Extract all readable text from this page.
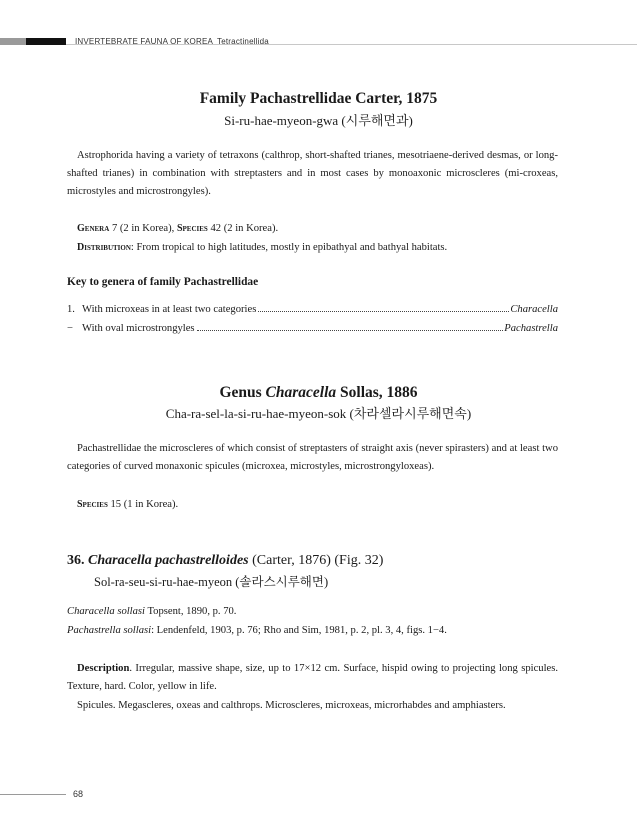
INVERTEBRATE FAUNA OF KOREA Tetractinellida
Family Pachastrellidae Carter, 1875
Si-ru-hae-myeon-gwa (시루해면과)
Astrophorida having a variety of tetraxons (calthrop, short-shafted trianes, mesotriaene-derived desmas, or long-shafted trianes) in combination with streptasters and in most cases by monoaxonic microscleres (mi-croxeas, microstyles and microstrongyles).
Genera 7 (2 in Korea), Species 42 (2 in Korea).
Distribution: From tropical to high latitudes, mostly in epibathyal and bathyal habitats.
Key to genera of family Pachastrellidae
1. With microxeas in at least two categories	Characella
− With oval microstrongyles	Pachastrella
Genus Characella Sollas, 1886
Cha-ra-sel-la-si-ru-hae-myeon-sok (차라셀라시루해면속)
Pachastrellidae the microscleres of which consist of streptasters of straight axis (never spirasters) and at least two categories of curved monaxonic spicules (microxea, microstyles, microstrongyloxeas).
Species 15 (1 in Korea).
36. Characella pachastrelloides (Carter, 1876) (Fig. 32)
Sol-ra-seu-si-ru-hae-myeon (솔라스시루해면)
Characella sollasi Topsent, 1890, p. 70.
Pachastrella sollasi: Lendenfeld, 1903, p. 76; Rho and Sim, 1981, p. 2, pl. 3, 4, figs. 1−4.
Description. Irregular, massive shape, size, up to 17×12 cm. Surface, hispid owing to projecting long spicules. Texture, hard. Color, yellow in life.
Spicules. Megascleres, oxeas and calthrops. Microscleres, microxeas, microrhabdes and amphiasters.
68
